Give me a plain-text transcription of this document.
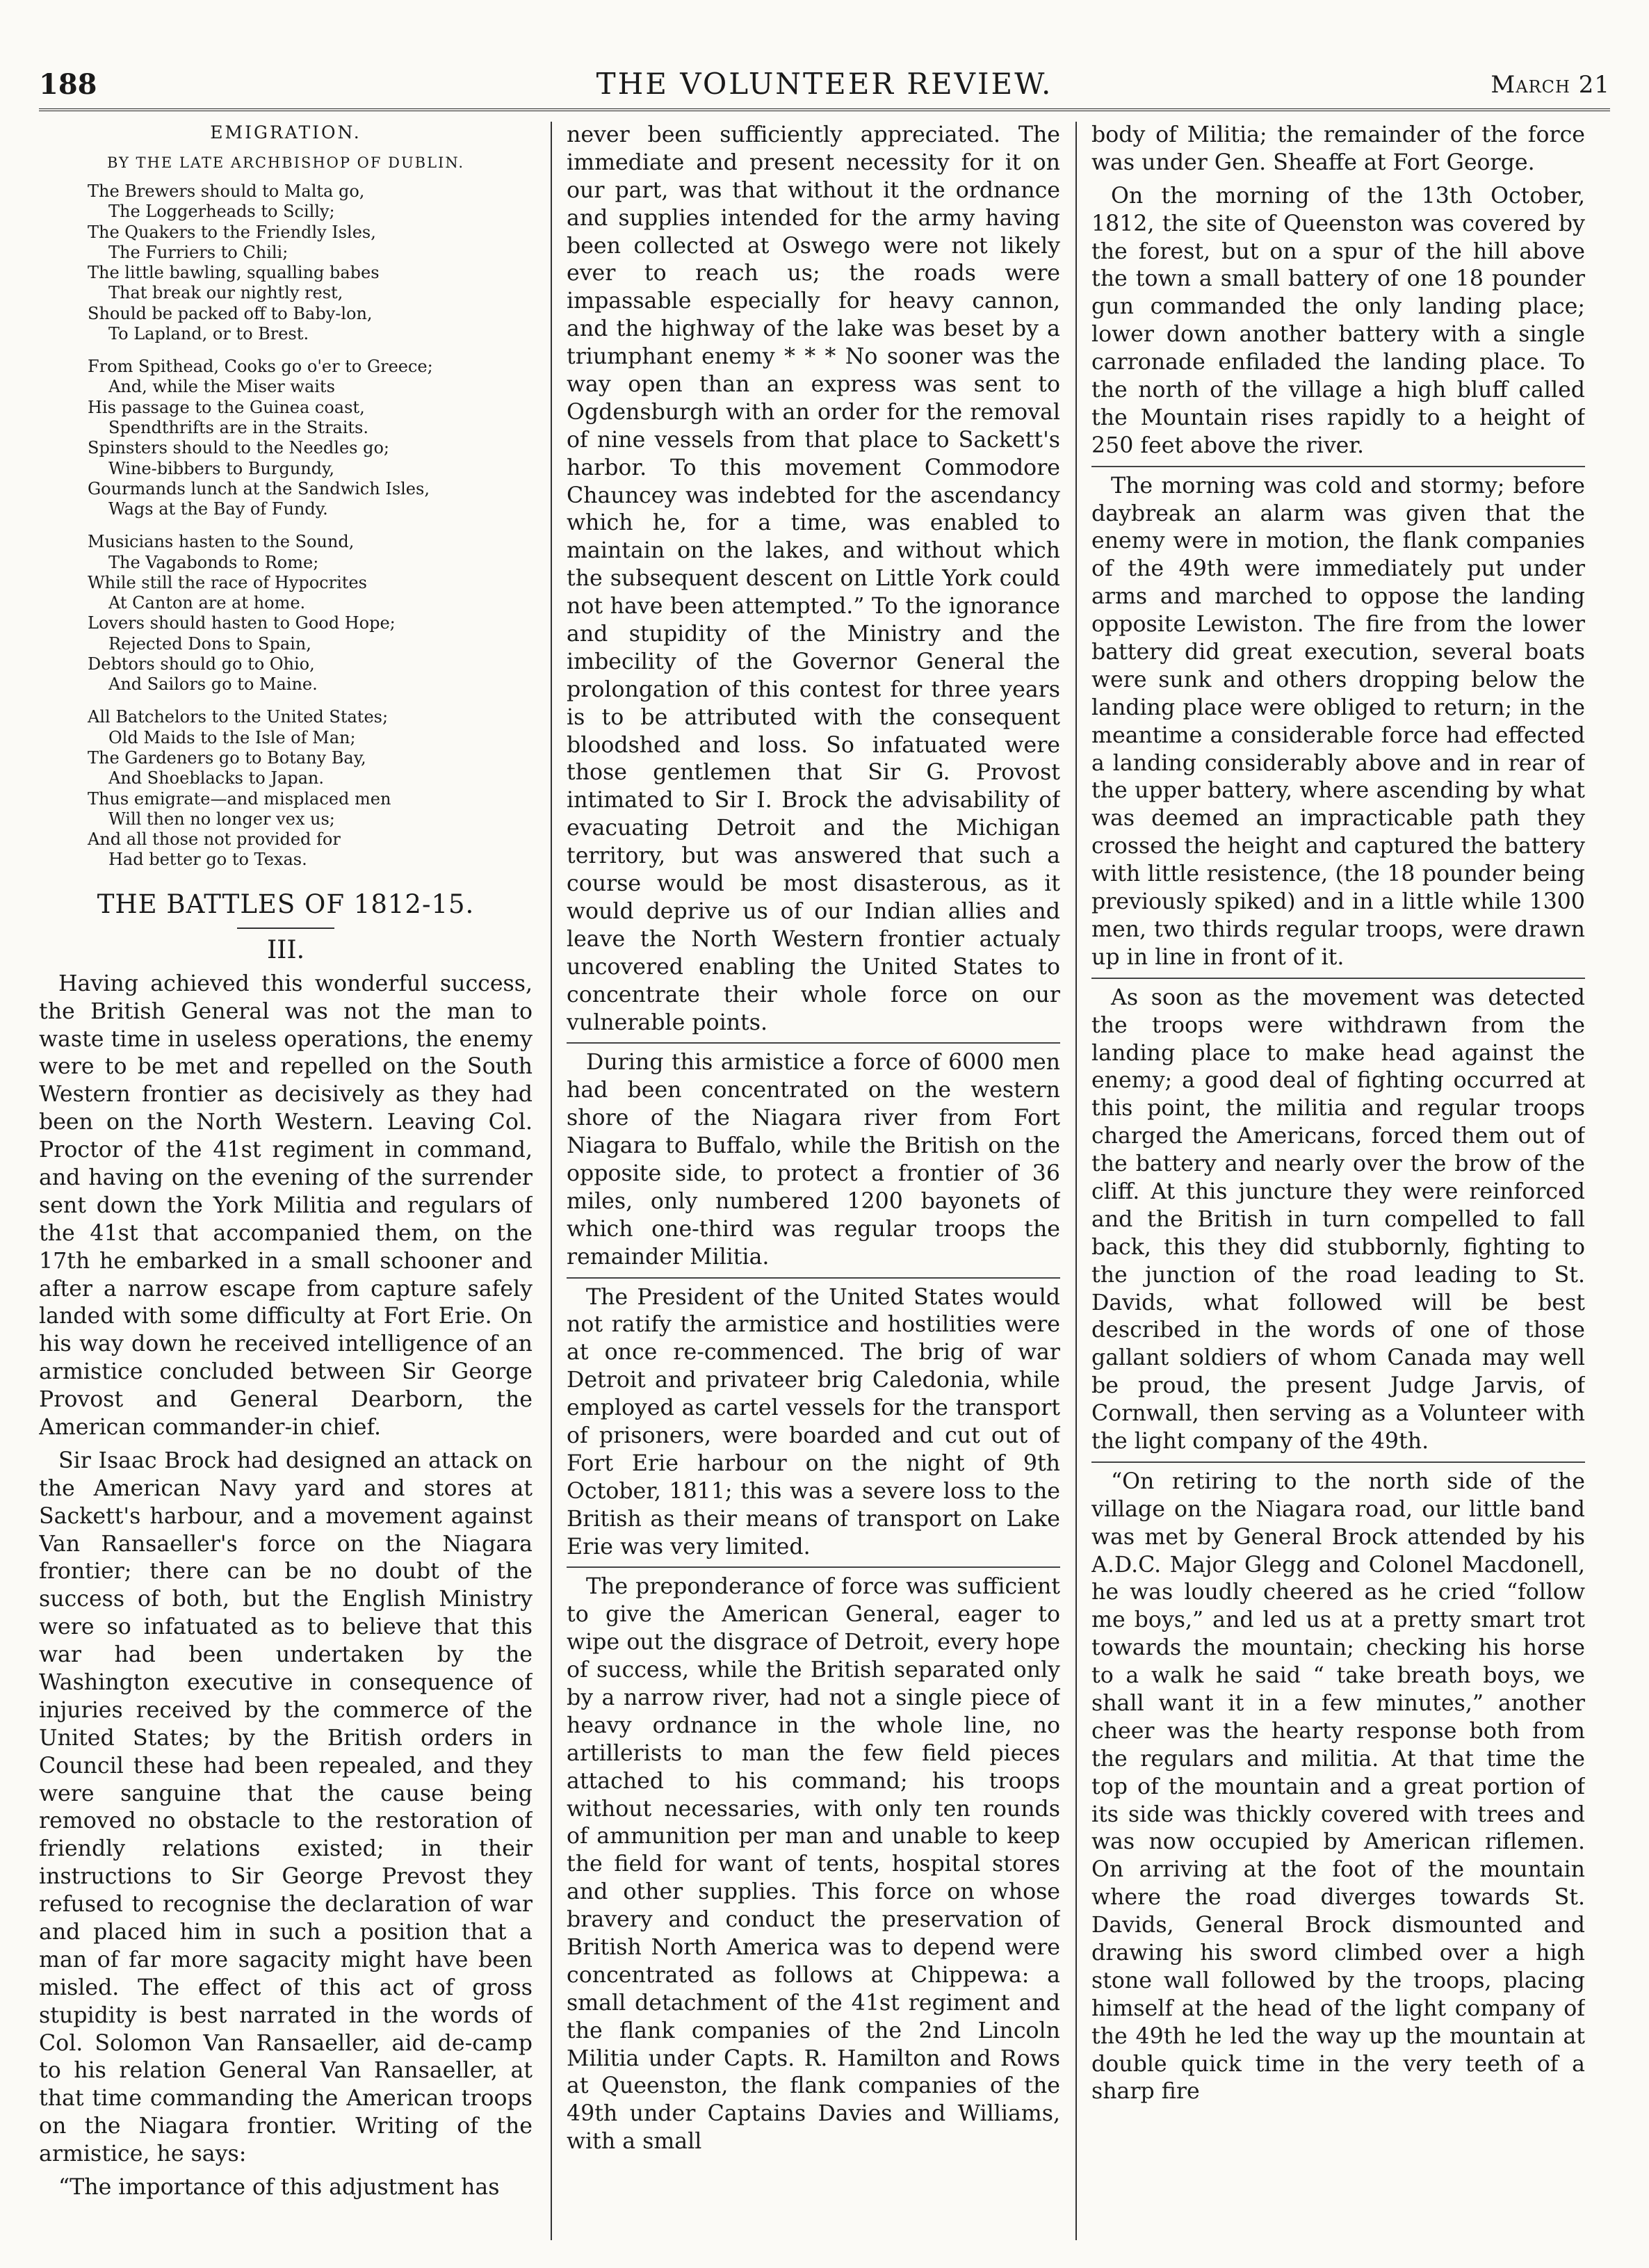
188	THE VOLUNTEER REVIEW.	March 21
EMIGRATION.
BY THE LATE ARCHBISHOP OF DUBLIN.
The Brewers should to Malta go,
The Loggerheads to Scilly;
The Quakers to the Friendly Isles,
The Furriers to Chili;
The little bawling, squalling babes
That break our nightly rest,
Should be packed off to Baby-lon,
To Lapland, or to Brest.
From Spithead, Cooks go o'er to Greece;
And, while the Miser waits
His passage to the Guinea coast,
Spendthrifts are in the Straits.
Spinsters should to the Needles go;
Wine-bibbers to Burgundy,
Gourmands lunch at the Sandwich Isles,
Wags at the Bay of Fundy.
Musicians hasten to the Sound,
The Vagabonds to Rome;
While still the race of Hypocrites
At Canton are at home.
Lovers should hasten to Good Hope;
Rejected Dons to Spain,
Debtors should go to Ohio,
And Sailors go to Maine.
All Batchelors to the United States;
Old Maids to the Isle of Man;
The Gardeners go to Botany Bay,
And Shoeblacks to Japan.
Thus emigrate—and misplaced men
Will then no longer vex us;
And all those not provided for
Had better go to Texas.
THE BATTLES OF 1812-15.
III.

Having achieved this wonderful success, the British General was not the man to waste time in useless operations, the enemy were to be met and repelled on the South Western frontier as decisively as they had been on the North Western. Leaving Col. Proctor of the 41st regiment in command, and having on the evening of the surrender sent down the York Militia and regulars of the 41st that accompanied them, on the 17th he embarked in a small schooner and after a narrow escape from capture safely landed with some difficulty at Fort Erie. On his way down he received intelligence of an armistice concluded between Sir George Provost and General Dearborn, the American commander-in chief.

Sir Isaac Brock had designed an attack on the American Navy yard and stores at Sackett's harbour, and a movement against Van Ransaeller's force on the Niagara frontier; there can be no doubt of the success of both, but the English Ministry were so infatuated as to believe that this war had been undertaken by the Washington executive in consequence of injuries received by the commerce of the United States; by the British orders in Council these had been repealed, and they were sanguine that the cause being removed no obstacle to the restoration of friendly relations existed; in their instructions to Sir George Prevost they refused to recognise the declaration of war and placed him in such a position that a man of far more sagacity might have been misled. The effect of this act of gross stupidity is best narrated in the words of Col. Solomon Van Ransaeller, aid de-camp to his relation General Van Ransaeller, at that time commanding the American troops on the Niagara frontier. Writing of the armistice, he says:

“The importance of this adjustment has

never been sufficiently appreciated. The immediate and present necessity for it on our part, was that without it the ordnance and supplies intended for the army having been collected at Oswego were not likely ever to reach us; the roads were impassable especially for heavy cannon, and the highway of the lake was beset by a triumphant enemy * * * No sooner was the way open than an express was sent to Ogdensburgh with an order for the removal of nine vessels from that place to Sackett's harbor. To this movement Commodore Chauncey was indebted for the ascendancy which he, for a time, was enabled to maintain on the lakes, and without which the subsequent descent on Little York could not have been attempted.” To the ignorance and stupidity of the Ministry and the imbecility of the Governor General the prolongation of this contest for three years is to be attributed with the consequent bloodshed and loss. So infatuated were those gentlemen that Sir G. Provost intimated to Sir I. Brock the advisability of evacuating Detroit and the Michigan territory, but was answered that such a course would be most disasterous, as it would deprive us of our Indian allies and leave the North Western frontier actualy uncovered enabling the United States to concentrate their whole force on our vulnerable points.

During this armistice a force of 6000 men had been concentrated on the western shore of the Niagara river from Fort Niagara to Buffalo, while the British on the opposite side, to protect a frontier of 36 miles, only numbered 1200 bayonets of which one-third was regular troops the remainder Militia.

The President of the United States would not ratify the armistice and hostilities were at once re-commenced. The brig of war Detroit and privateer brig Caledonia, while employed as cartel vessels for the transport of prisoners, were boarded and cut out of Fort Erie harbour on the night of 9th October, 1811; this was a severe loss to the British as their means of transport on Lake Erie was very limited.

The preponderance of force was sufficient to give the American General, eager to wipe out the disgrace of Detroit, every hope of success, while the British separated only by a narrow river, had not a single piece of heavy ordnance in the whole line, no artillerists to man the few field pieces attached to his command; his troops without necessaries, with only ten rounds of ammunition per man and unable to keep the field for want of tents, hospital stores and other supplies. This force on whose bravery and conduct the preservation of British North America was to depend were concentrated as follows at Chippewa: a small detachment of the 41st regiment and the flank companies of the 2nd Lincoln Militia under Capts. R. Hamilton and Rows at Queenston, the flank companies of the 49th under Captains Davies and Williams, with a small

body of Militia; the remainder of the force was under Gen. Sheaffe at Fort George.

On the morning of the 13th October, 1812, the site of Queenston was covered by the forest, but on a spur of the hill above the town a small battery of one 18 pounder gun commanded the only landing place; lower down another battery with a single carronade enfiladed the landing place. To the north of the village a high bluff called the Mountain rises rapidly to a height of 250 feet above the river.

The morning was cold and stormy; before daybreak an alarm was given that the enemy were in motion, the flank companies of the 49th were immediately put under arms and marched to oppose the landing opposite Lewiston. The fire from the lower battery did great execution, several boats were sunk and others dropping below the landing place were obliged to return; in the meantime a considerable force had effected a landing considerably above and in rear of the upper battery, where ascending by what was deemed an impracticable path they crossed the height and captured the battery with little resistence, (the 18 pounder being previously spiked) and in a little while 1300 men, two thirds regular troops, were drawn up in line in front of it.

As soon as the movement was detected the troops were withdrawn from the landing place to make head against the enemy; a good deal of fighting occurred at this point, the militia and regular troops charged the Americans, forced them out of the battery and nearly over the brow of the cliff. At this juncture they were reinforced and the British in turn compelled to fall back, this they did stubbornly, fighting to the junction of the road leading to St. Davids, what followed will be best described in the words of one of those gallant soldiers of whom Canada may well be proud, the present Judge Jarvis, of Cornwall, then serving as a Volunteer with the light company of the 49th.

“On retiring to the north side of the village on the Niagara road, our little band was met by General Brock attended by his A.D.C. Major Glegg and Colonel Macdonell, he was loudly cheered as he cried “follow me boys,” and led us at a pretty smart trot towards the mountain; checking his horse to a walk he said “ take breath boys, we shall want it in a few minutes,” another cheer was the hearty response both from the regulars and militia. At that time the top of the mountain and a great portion of its side was thickly covered with trees and was now occupied by American riflemen. On arriving at the foot of the mountain where the road diverges towards St. Davids, General Brock dismounted and drawing his sword climbed over a high stone wall followed by the troops, placing himself at the head of the light company of the 49th he led the way up the mountain at double quick time in the very teeth of a sharp fire
